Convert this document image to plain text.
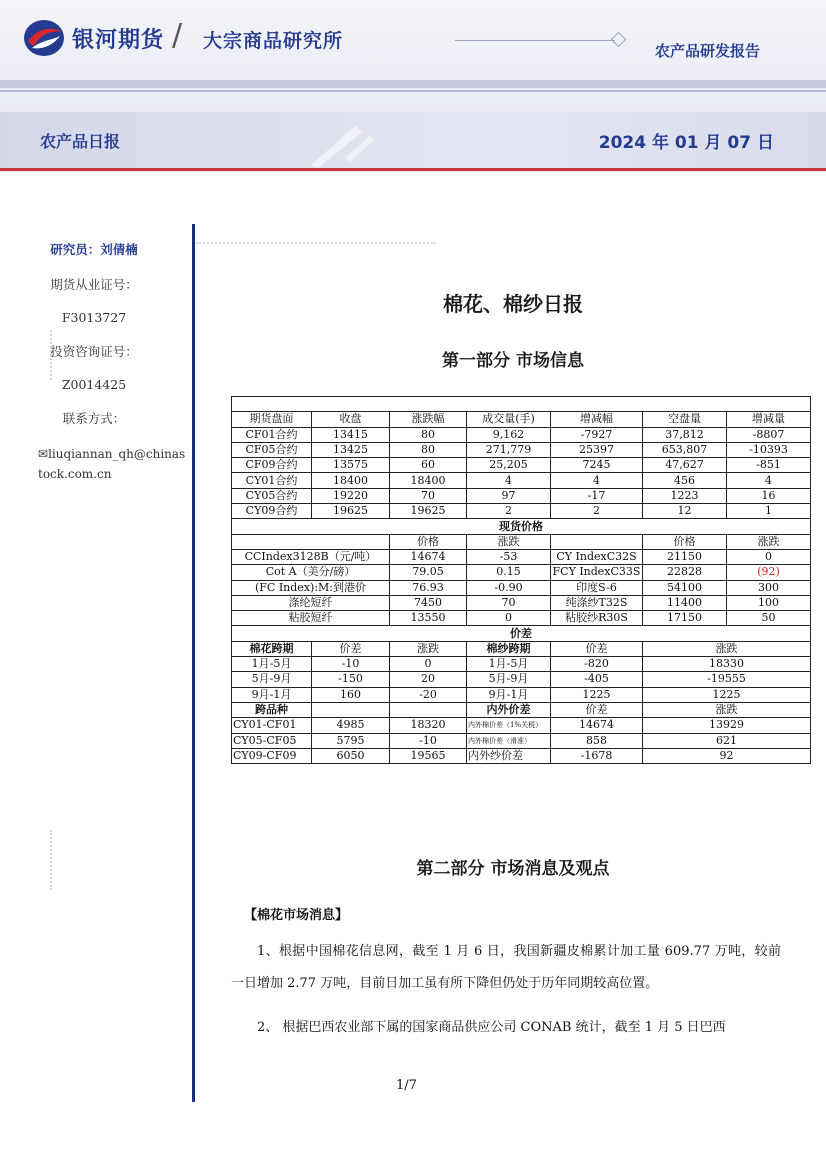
银河期货 / 大宗商品研究所	农产品研发报告
农产品日报	2024 年 01 月 07 日
研究员：刘倩楠
期货从业证号：
F3013727
投资咨询证号：
Z0014425
联系方式：
✉liuqiannan_qh@chinas
tock.com.cn
棉花、棉纱日报
第一部分 市场信息

期货盘面	收盘	涨跌幅	成交量(手)	增减幅	空盘量	增减量
CF01合约	13415	80	9,162	-7927	37,812	-8807
CF05合约	13425	80	271,779	25397	653,807	-10393
CF09合约	13575	60	25,205	7245	47,627	-851
CY01合约	18400	18400	4	4	456	4
CY05合约	19220	70	97	-17	1223	16
CY09合约	19625	19625	2	2	12	1
现货价格						
		价格	涨跌		价格	涨跌
CCIndex3128B（元/吨）		14674	-53	CY IndexC32S	21150	0
Cot A（美分/磅）		79.05	0.15	FCY IndexC33S	22828	(92)
(FC Index):M:到港价		76.93	-0.90	印度S-6	54100	300
涤纶短纤		7450	70	纯涤纱T32S	11400	100
粘胶短纤		13550	0	粘胶纱R30S	17150	50
价差						
棉花跨期	价差	涨跌	棉纱跨期	价差	涨跌	
1月-5月	-10	0	1月-5月	-820	18330	
5月-9月	-150	20	5月-9月	-405	-19555	
9月-1月	160	-20	9月-1月	1225	1225	
跨品种			内外价差	价差	涨跌	
CY01-CF01	4985	18320	内外棉价差（1%关税）	14674	13929	
CY05-CF05	5795	-10	内外棉价差（滑准）	858	621	
CY09-CF09	6050	19565	内外纱价差	-1678	92	
第二部分 市场消息及观点
【棉花市场消息】
1、根据中国棉花信息网，截至 1 月 6 日，我国新疆皮棉累计加工量 609.77 万吨，较前一日增加 2.77 万吨，目前日加工虽有所下降但仍处于历年同期较高位置。
2、 根据巴西农业部下属的国家商品供应公司 CONAB 统计，截至 1 月 5 日巴西
1/7
